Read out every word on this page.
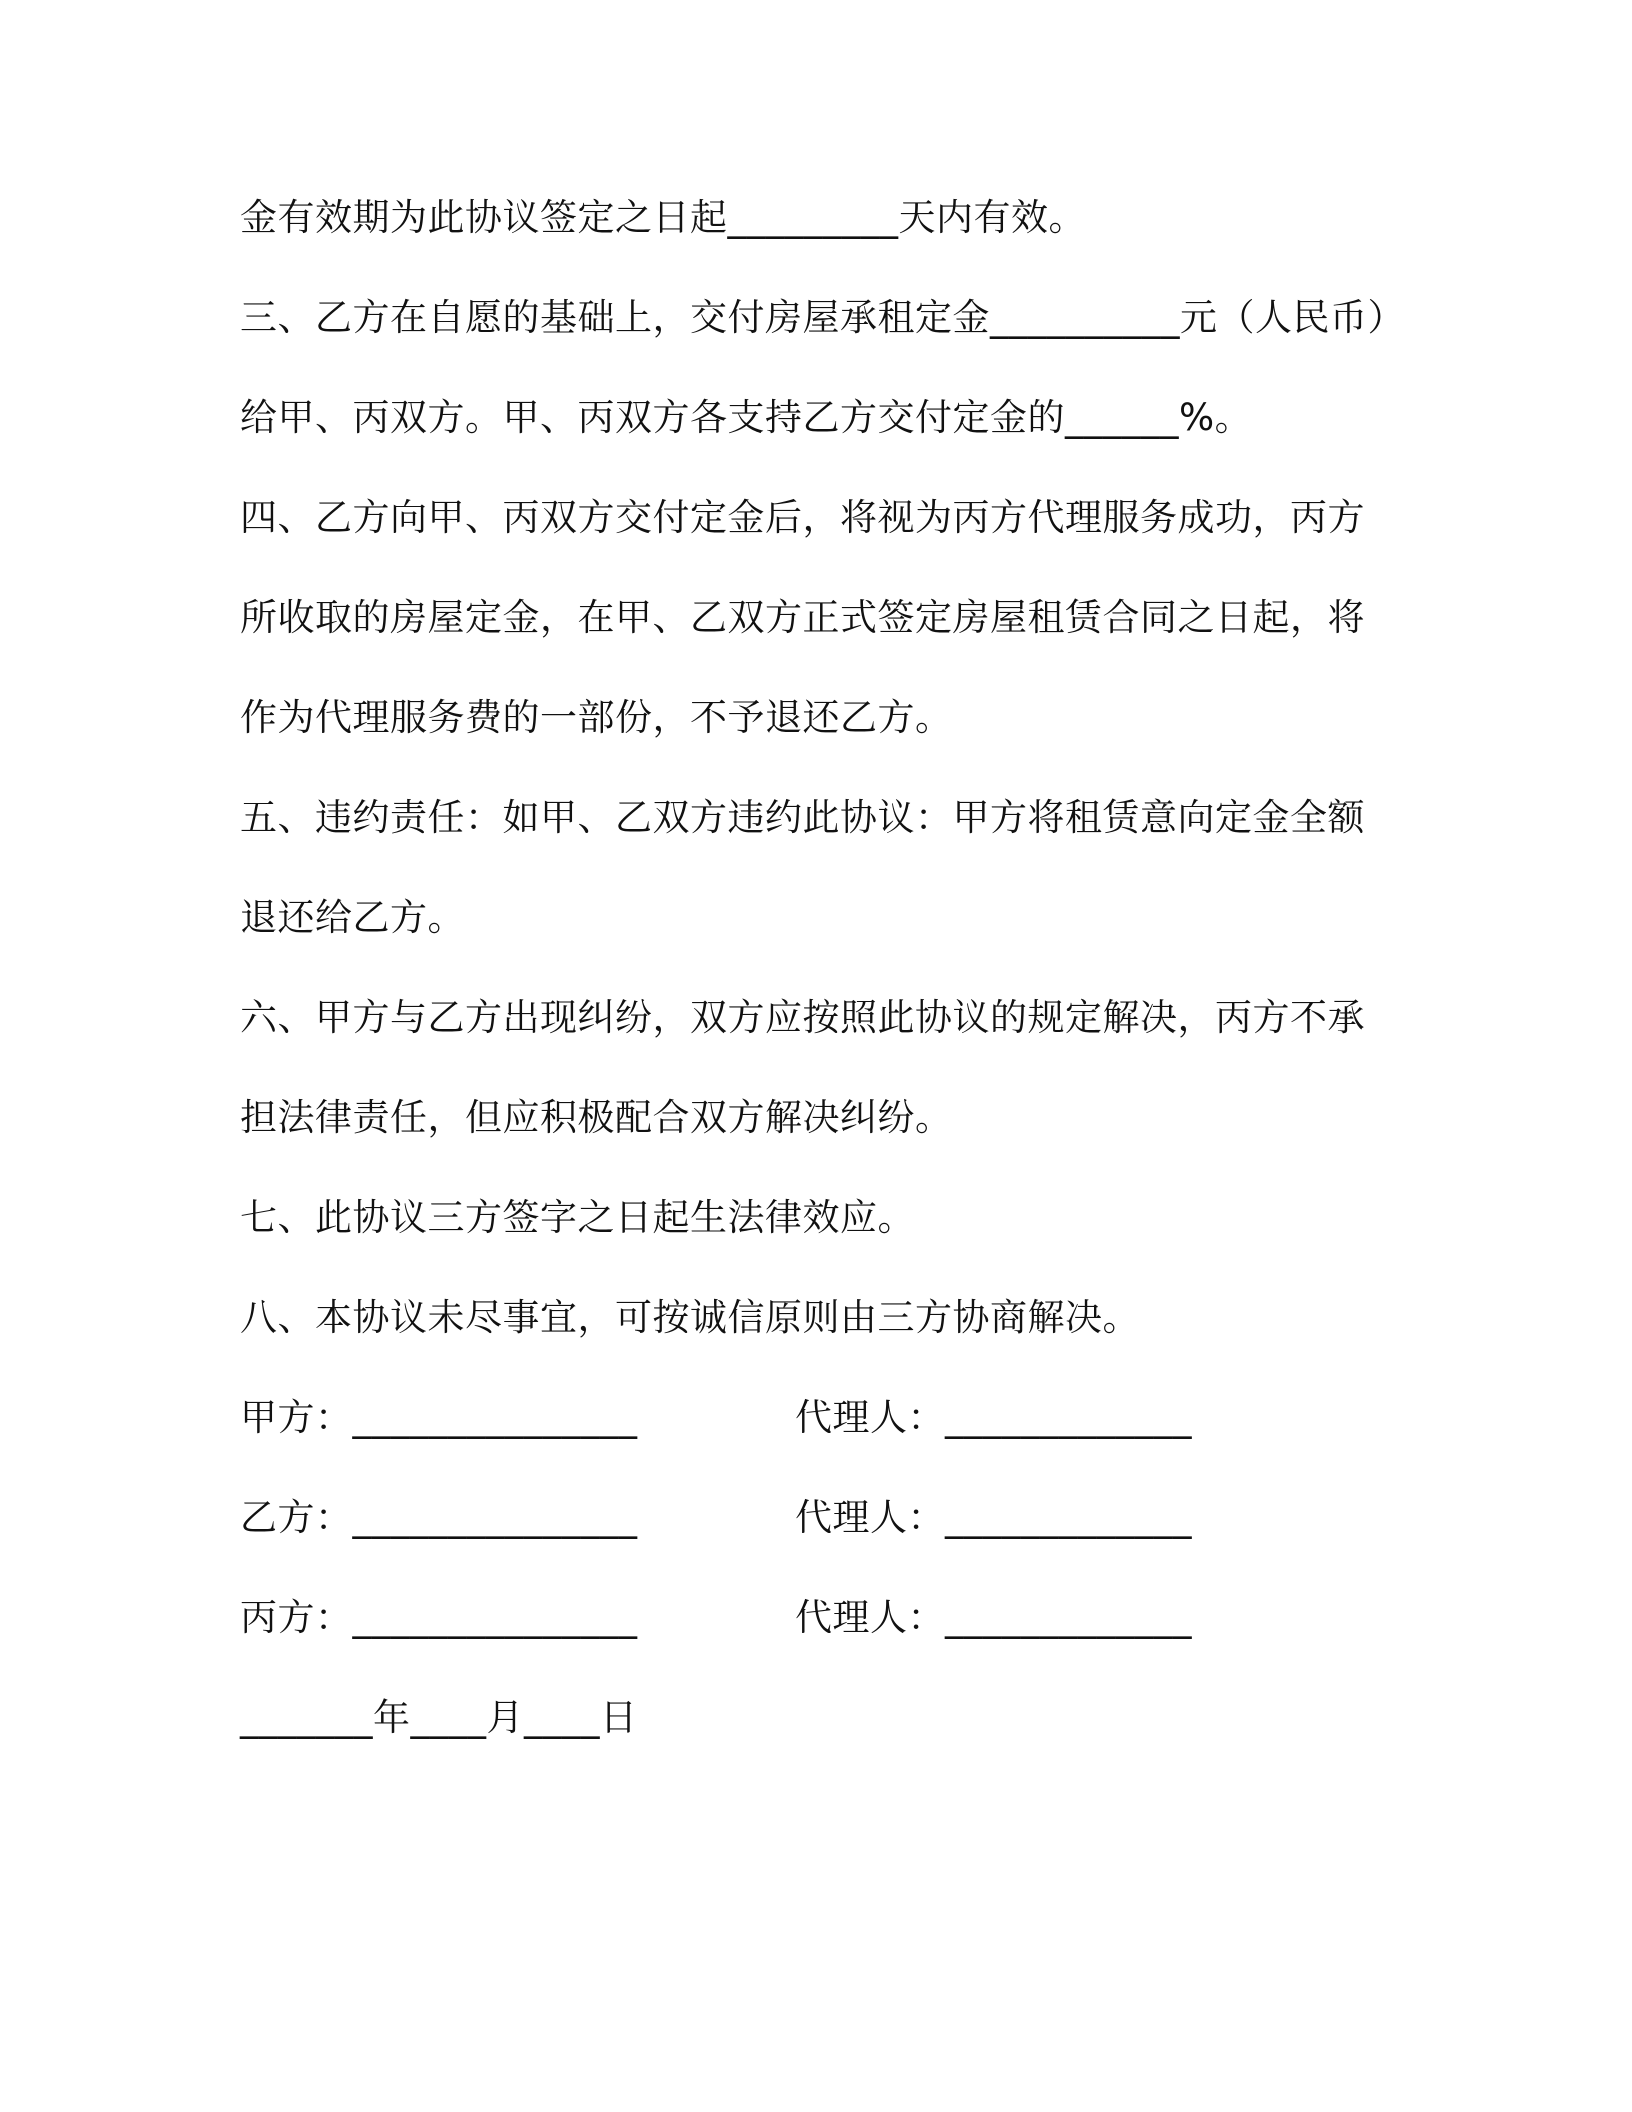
金有效期为此协议签定之日起_________天内有效。
三、乙方在自愿的基础上，交付房屋承租定金__________元（人民币）
给甲、丙双方。甲、丙双方各支持乙方交付定金的______%。
四、乙方向甲、丙双方交付定金后，将视为丙方代理服务成功，丙方
所收取的房屋定金，在甲、乙双方正式签定房屋租赁合同之日起，将
作为代理服务费的一部份，不予退还乙方。
五、违约责任：如甲、乙双方违约此协议：甲方将租赁意向定金全额
退还给乙方。
六、甲方与乙方出现纠纷，双方应按照此协议的规定解决，丙方不承
担法律责任，但应积极配合双方解决纠纷。
七、此协议三方签字之日起生法律效应。
八、本协议未尽事宜，可按诚信原则由三方协商解决。
甲方：_______________	代理人：_____________
乙方：_______________	代理人：_____________
丙方：_______________	代理人：_____________
_______年____月____日
